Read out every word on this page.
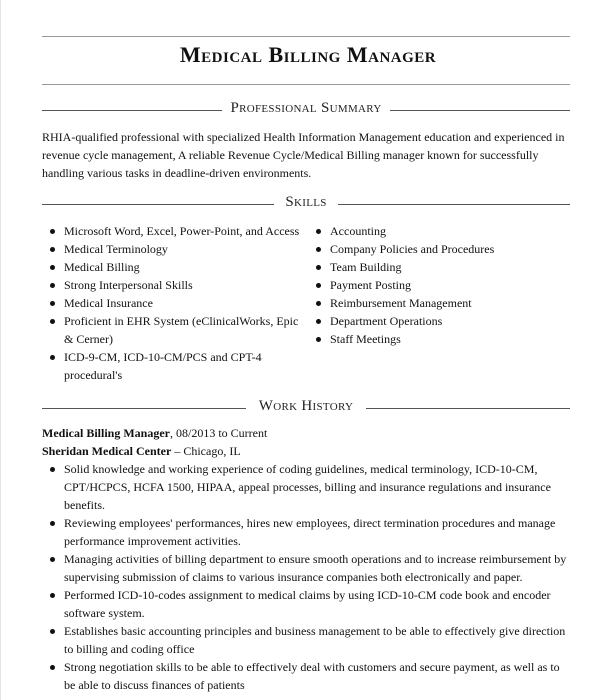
Medical Billing Manager
Professional Summary
RHIA-qualified professional with specialized Health Information Management education and experienced in revenue cycle management, A reliable Revenue Cycle/Medical Billing manager known for successfully handling various tasks in deadline-driven environments.
Skills
Microsoft Word, Excel, Power-Point, and Access
Medical Terminology
Medical Billing
Strong Interpersonal Skills
Medical Insurance
Proficient in EHR System (eClinicalWorks, Epic & Cerner)
ICD-9-CM, ICD-10-CM/PCS and CPT-4 procedural's
Accounting
Company Policies and Procedures
Team Building
Payment Posting
Reimbursement Management
Department Operations
Staff Meetings
Work History
Medical Billing Manager, 08/2013 to Current
Sheridan Medical Center – Chicago, IL
Solid knowledge and working experience of coding guidelines, medical terminology, ICD-10-CM, CPT/HCPCS, HCFA 1500, HIPAA, appeal processes, billing and insurance regulations and insurance benefits.
Reviewing employees' performances, hires new employees, direct termination procedures and manage performance improvement activities.
Managing activities of billing department to ensure smooth operations and to increase reimbursement by supervising submission of claims to various insurance companies both electronically and paper.
Performed ICD-10-codes assignment to medical claims by using ICD-10-CM code book and encoder software system.
Establishes basic accounting principles and business management to be able to effectively give direction to billing and coding office
Strong negotiation skills to be able to effectively deal with customers and secure payment, as well as to be able to discuss finances of patients
